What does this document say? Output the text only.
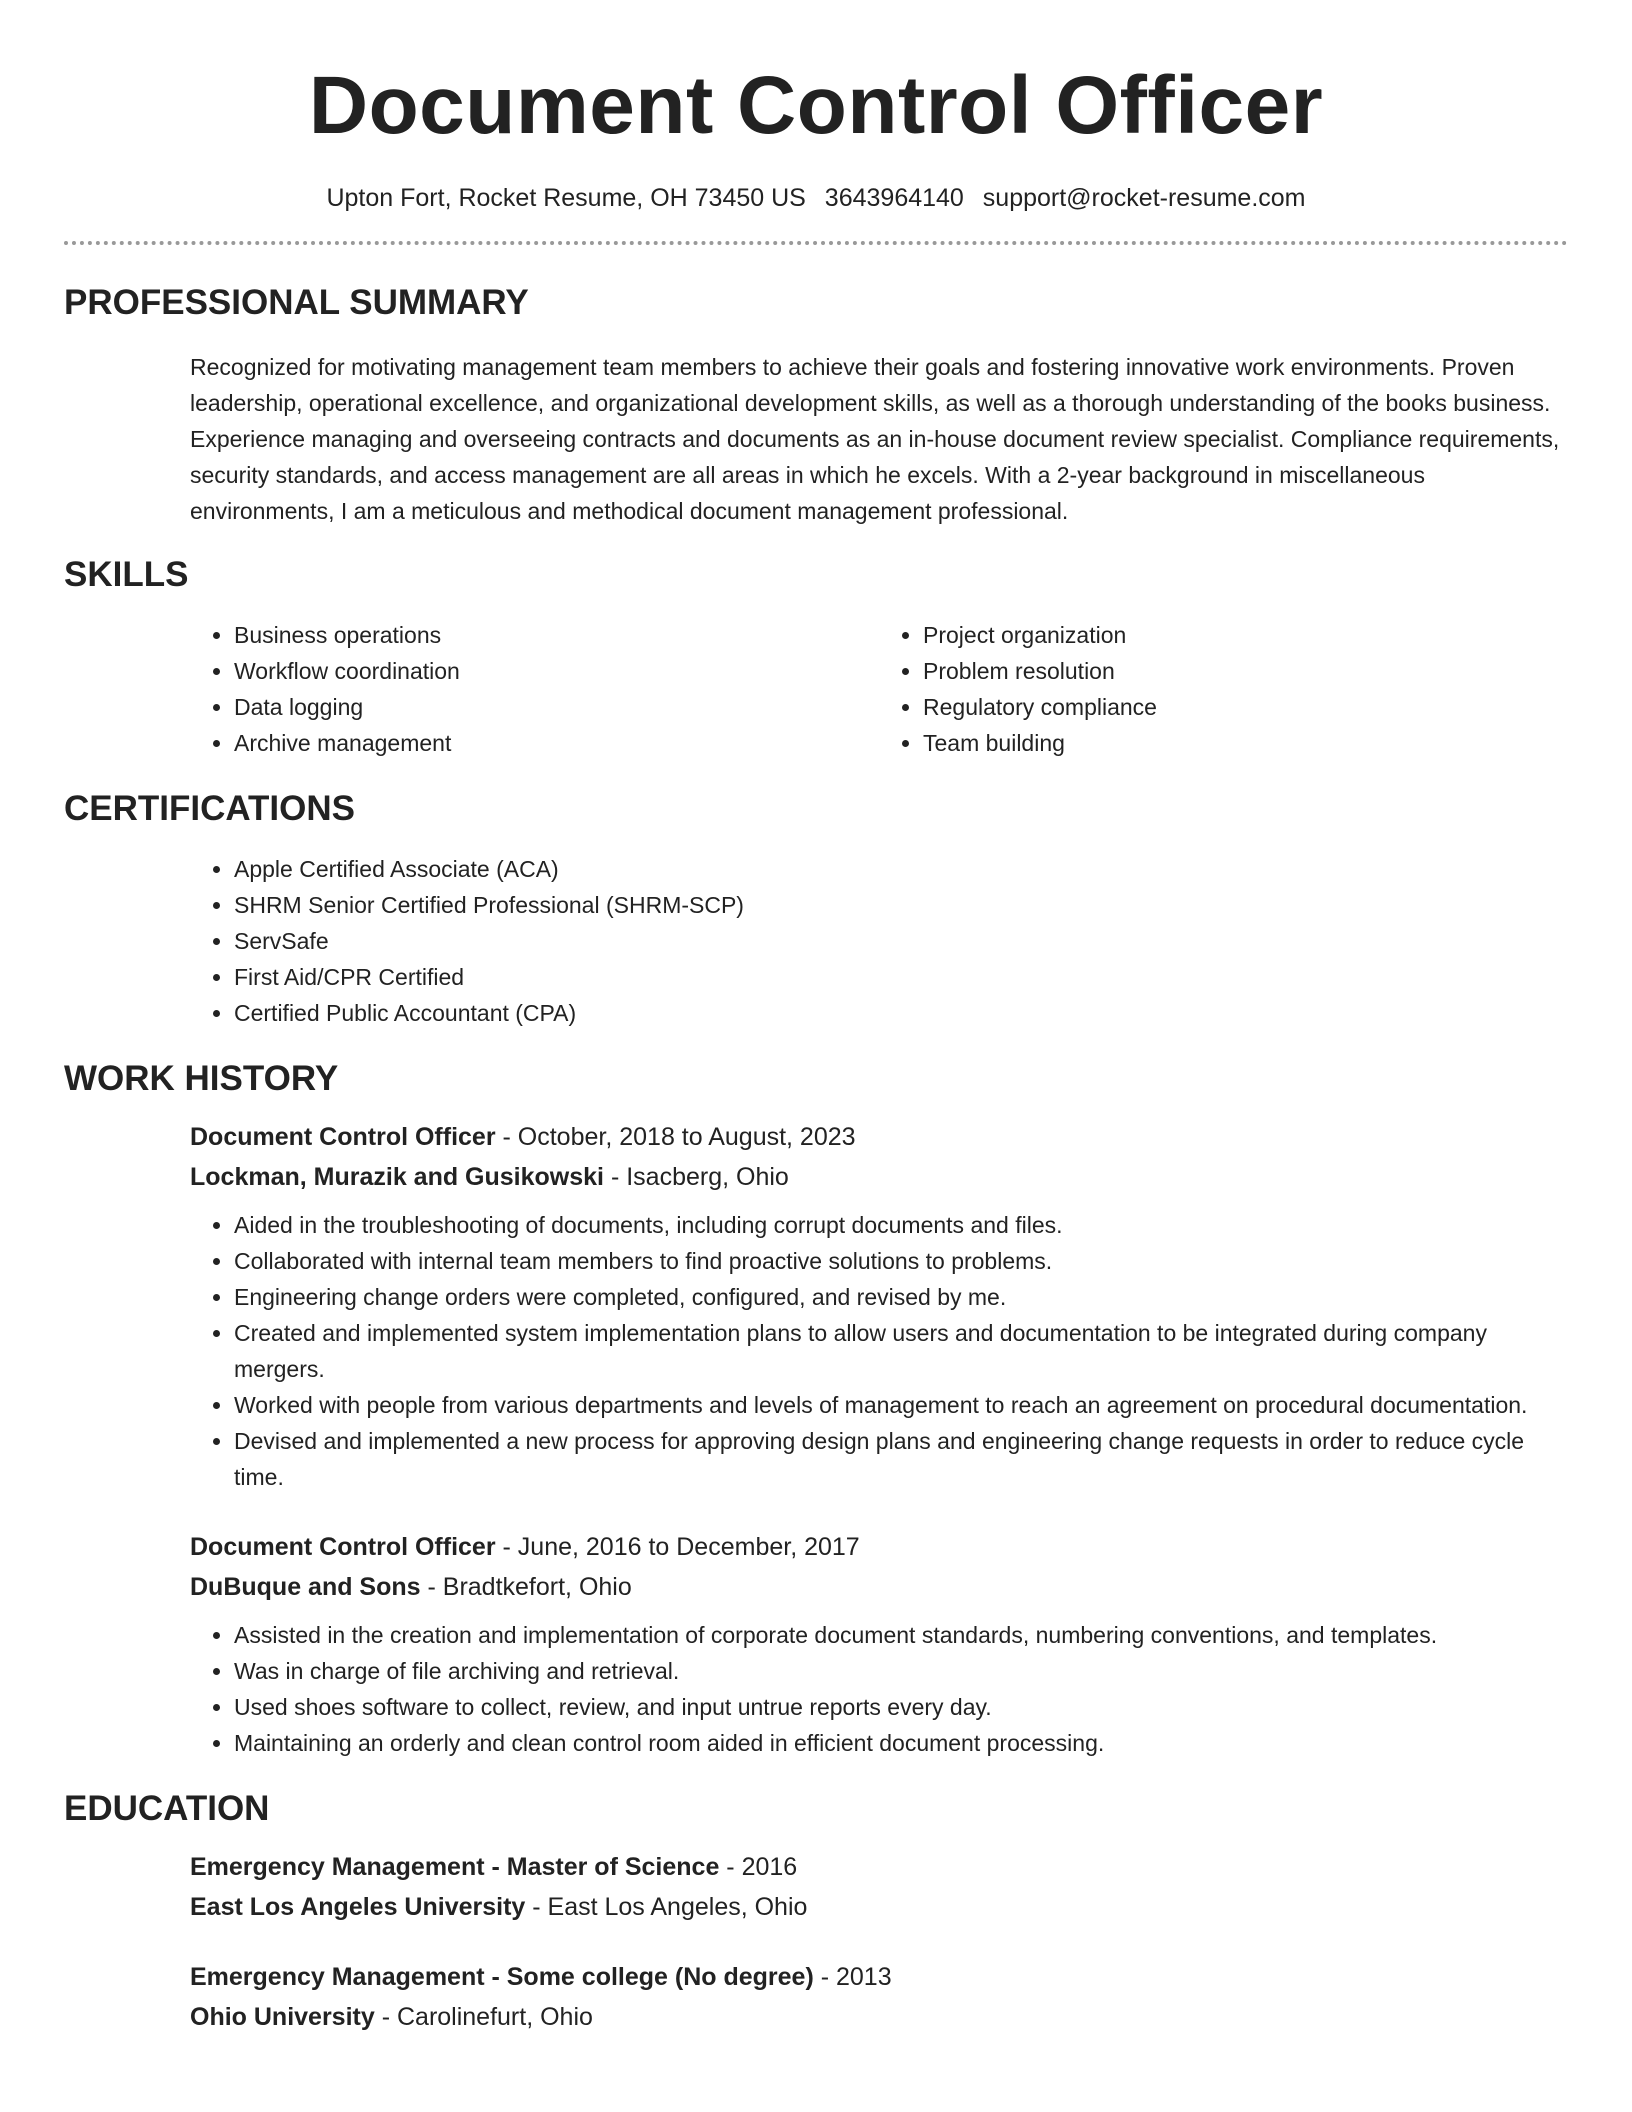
Document Control Officer
Upton Fort, Rocket Resume, OH 73450 US 3643964140 support@rocket-resume.com
PROFESSIONAL SUMMARY

Recognized for motivating management team members to achieve their goals and fostering innovative work environments. Proven leadership, operational excellence, and organizational development skills, as well as a thorough understanding of the books business. Experience managing and overseeing contracts and documents as an in-house document review specialist. Compliance requirements, security standards, and access management are all areas in which he excels. With a 2-year background in miscellaneous environments, I am a meticulous and methodical document management professional.

SKILLS
• Business operations
• Workflow coordination
• Data logging
• Archive management
• Project organization
• Problem resolution
• Regulatory compliance
• Team building
CERTIFICATIONS
• Apple Certified Associate (ACA)
• SHRM Senior Certified Professional (SHRM-SCP)
• ServSafe
• First Aid/CPR Certified
• Certified Public Accountant (CPA)
WORK HISTORY
Document Control Officer - October, 2018 to August, 2023
Lockman, Murazik and Gusikowski - Isacberg, Ohio
• Aided in the troubleshooting of documents, including corrupt documents and files.
• Collaborated with internal team members to find proactive solutions to problems.
• Engineering change orders were completed, configured, and revised by me.
• Created and implemented system implementation plans to allow users and documentation to be integrated during company mergers.
• Worked with people from various departments and levels of management to reach an agreement on procedural documentation.
• Devised and implemented a new process for approving design plans and engineering change requests in order to reduce cycle time.
Document Control Officer - June, 2016 to December, 2017
DuBuque and Sons - Bradtkefort, Ohio
• Assisted in the creation and implementation of corporate document standards, numbering conventions, and templates.
• Was in charge of file archiving and retrieval.
• Used shoes software to collect, review, and input untrue reports every day.
• Maintaining an orderly and clean control room aided in efficient document processing.
EDUCATION
Emergency Management - Master of Science - 2016
East Los Angeles University - East Los Angeles, Ohio
Emergency Management - Some college (No degree) - 2013
Ohio University - Carolinefurt, Ohio
